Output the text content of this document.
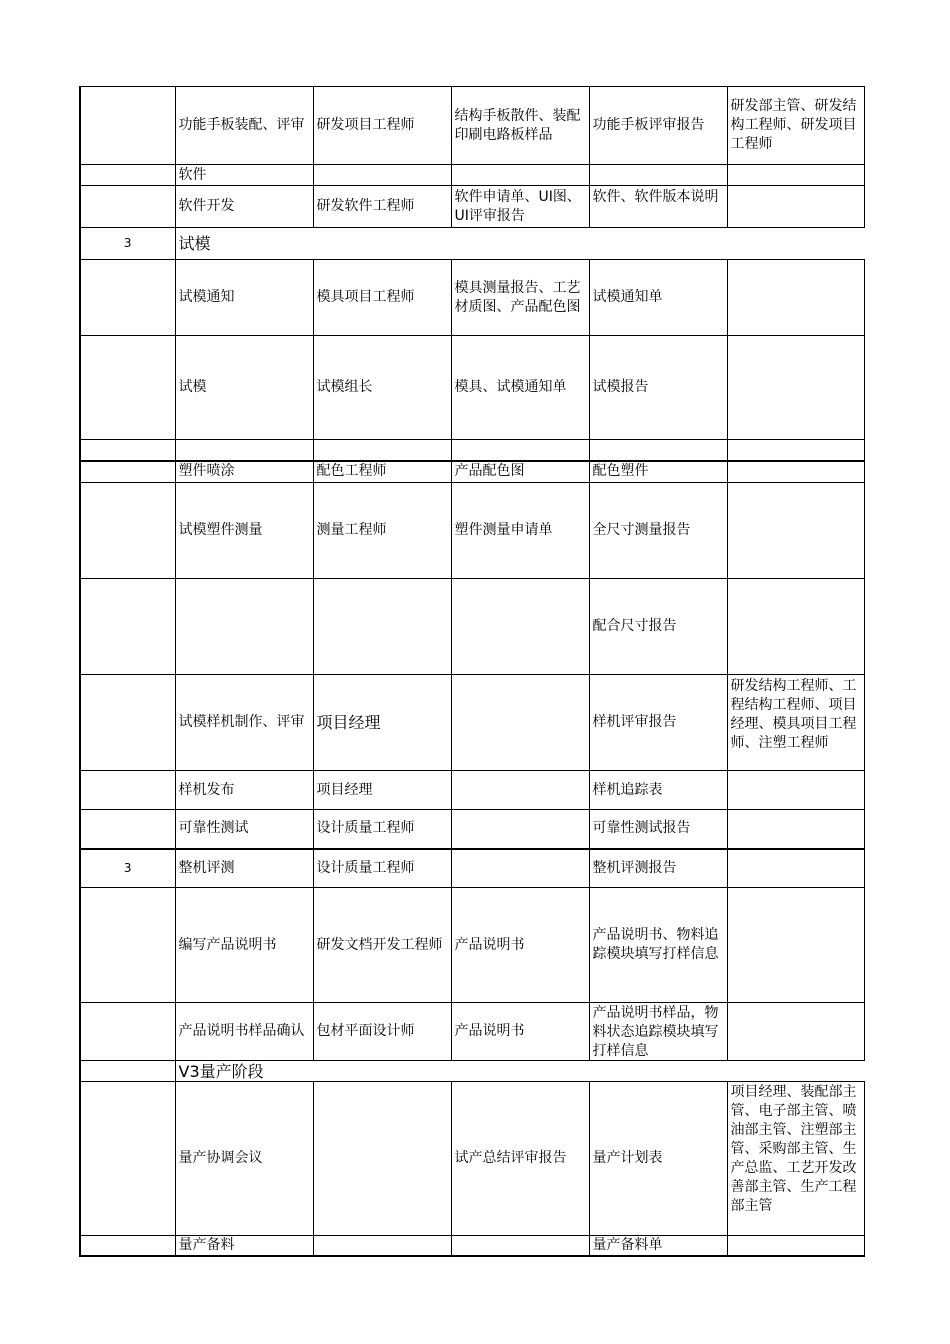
	功能手板装配、评审	研发项目工程师	结构手板散件、装配印刷电路板样品	功能手板评审报告	研发部主管、研发结构工程师、研发项目工程师
	软件				
	软件开发	研发软件工程师	软件申请单、UI图、UI评审报告	软件、软件版本说明	

3	试模				
	试模通知	模具项目工程师	模具测量报告、工艺材质图、产品配色图	试模通知单	
	试模	试模组长	模具、试模通知单	试模报告	

	塑件喷涂	配色工程师	产品配色图	配色塑件	
	试模塑件测量	测量工程师	塑件测量申请单	全尺寸测量报告	
				配合尺寸报告	
	试模样机制作、评审	项目经理		样机评审报告	研发结构工程师、工程结构工程师、项目经理、模具项目工程师、注塑工程师

	样机发布	项目经理		样机追踪表	
	可靠性测试	设计质量工程师		可靠性测试报告	
3	整机评测	设计质量工程师		整机评测报告	
	编写产品说明书	研发文档开发工程师	产品说明书	产品说明书、物料追踪模块填写打样信息	
	产品说明书样品确认	包材平面设计师	产品说明书	产品说明书样品，物料状态追踪模块填写打样信息	

	V3量产阶段				
	量产协调会议		试产总结评审报告	量产计划表	项目经理、装配部主管、电子部主管、喷油部主管、注塑部主管、采购部主管、生产总监、工艺开发改善部主管、生产工程部主管

	量产备料			量产备料单	
